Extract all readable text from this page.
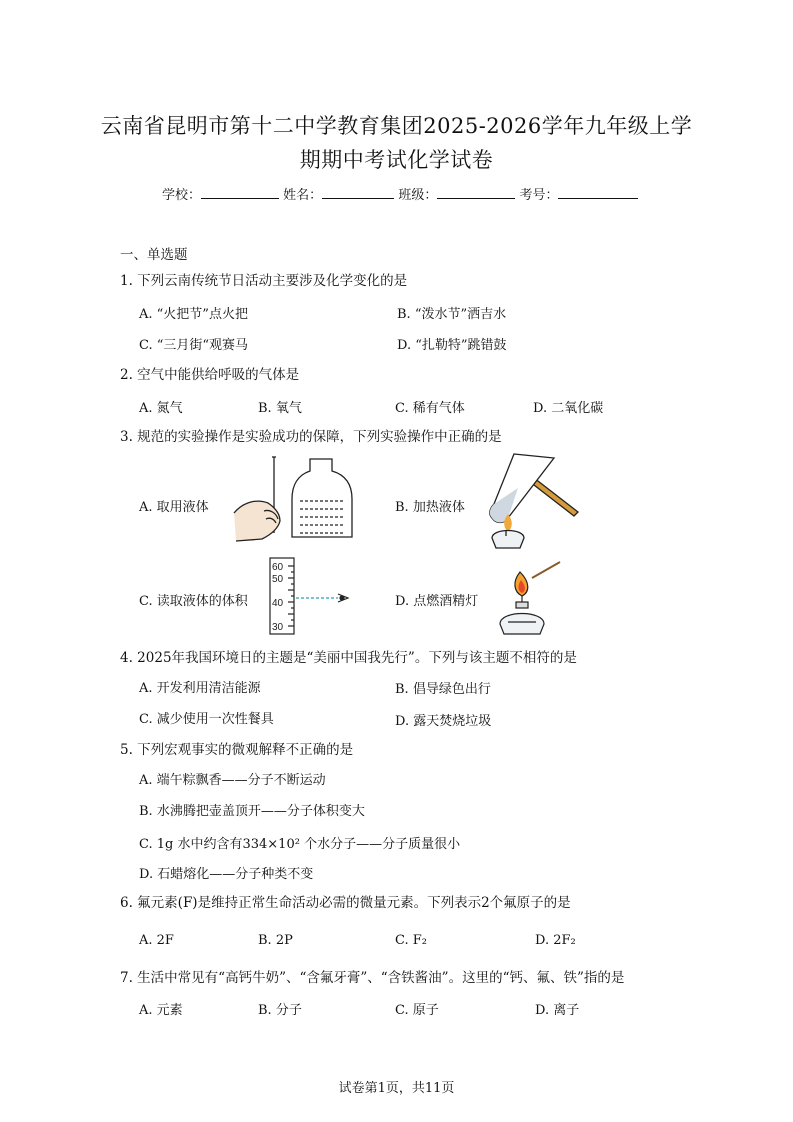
云南省昆明市第十二中学教育集团2025-2026学年九年级上学
期期中考试化学试卷
学校：	姓名：	班级：	考号：
一、单选题
1. 下列云南传统节日活动主要涉及化学变化的是
A. “火把节”点火把	B. “泼水节”洒吉水
C. “三月街“观赛马	D. “扎勒特”跳错鼓
2. 空气中能供给呼吸的气体是
A. 氮气	B. 氧气	C. 稀有气体	D. 二氧化碳
3. 规范的实验操作是实验成功的保障，下列实验操作中正确的是
A. 取用液体	B. 加热液体
C. 读取液体的体积	D. 点燃酒精灯
60
50
40
30
4. 2025年我国环境日的主题是“美丽中国我先行”。下列与该主题不相符的是
A. 开发利用清洁能源	B. 倡导绿色出行
C. 减少使用一次性餐具	D. 露天焚烧垃圾
5. 下列宏观事实的微观解释不正确的是
A. 端午粽飘香——分子不断运动
B. 水沸腾把壶盖顶开——分子体积变大
C. 1g 水中约含有334×10² 个水分子——分子质量很小
D. 石蜡熔化——分子种类不变
6. 氟元素(F)是维持正常生命活动必需的微量元素。下列表示2个氟原子的是
A. 2F	B. 2P	C. F₂	D. 2F₂
7. 生活中常见有“高钙牛奶”、“含氟牙膏”、“含铁酱油”。这里的“钙、氟、铁”指的是
A. 元素	B. 分子	C. 原子	D. 离子
试卷第1页，共11页
